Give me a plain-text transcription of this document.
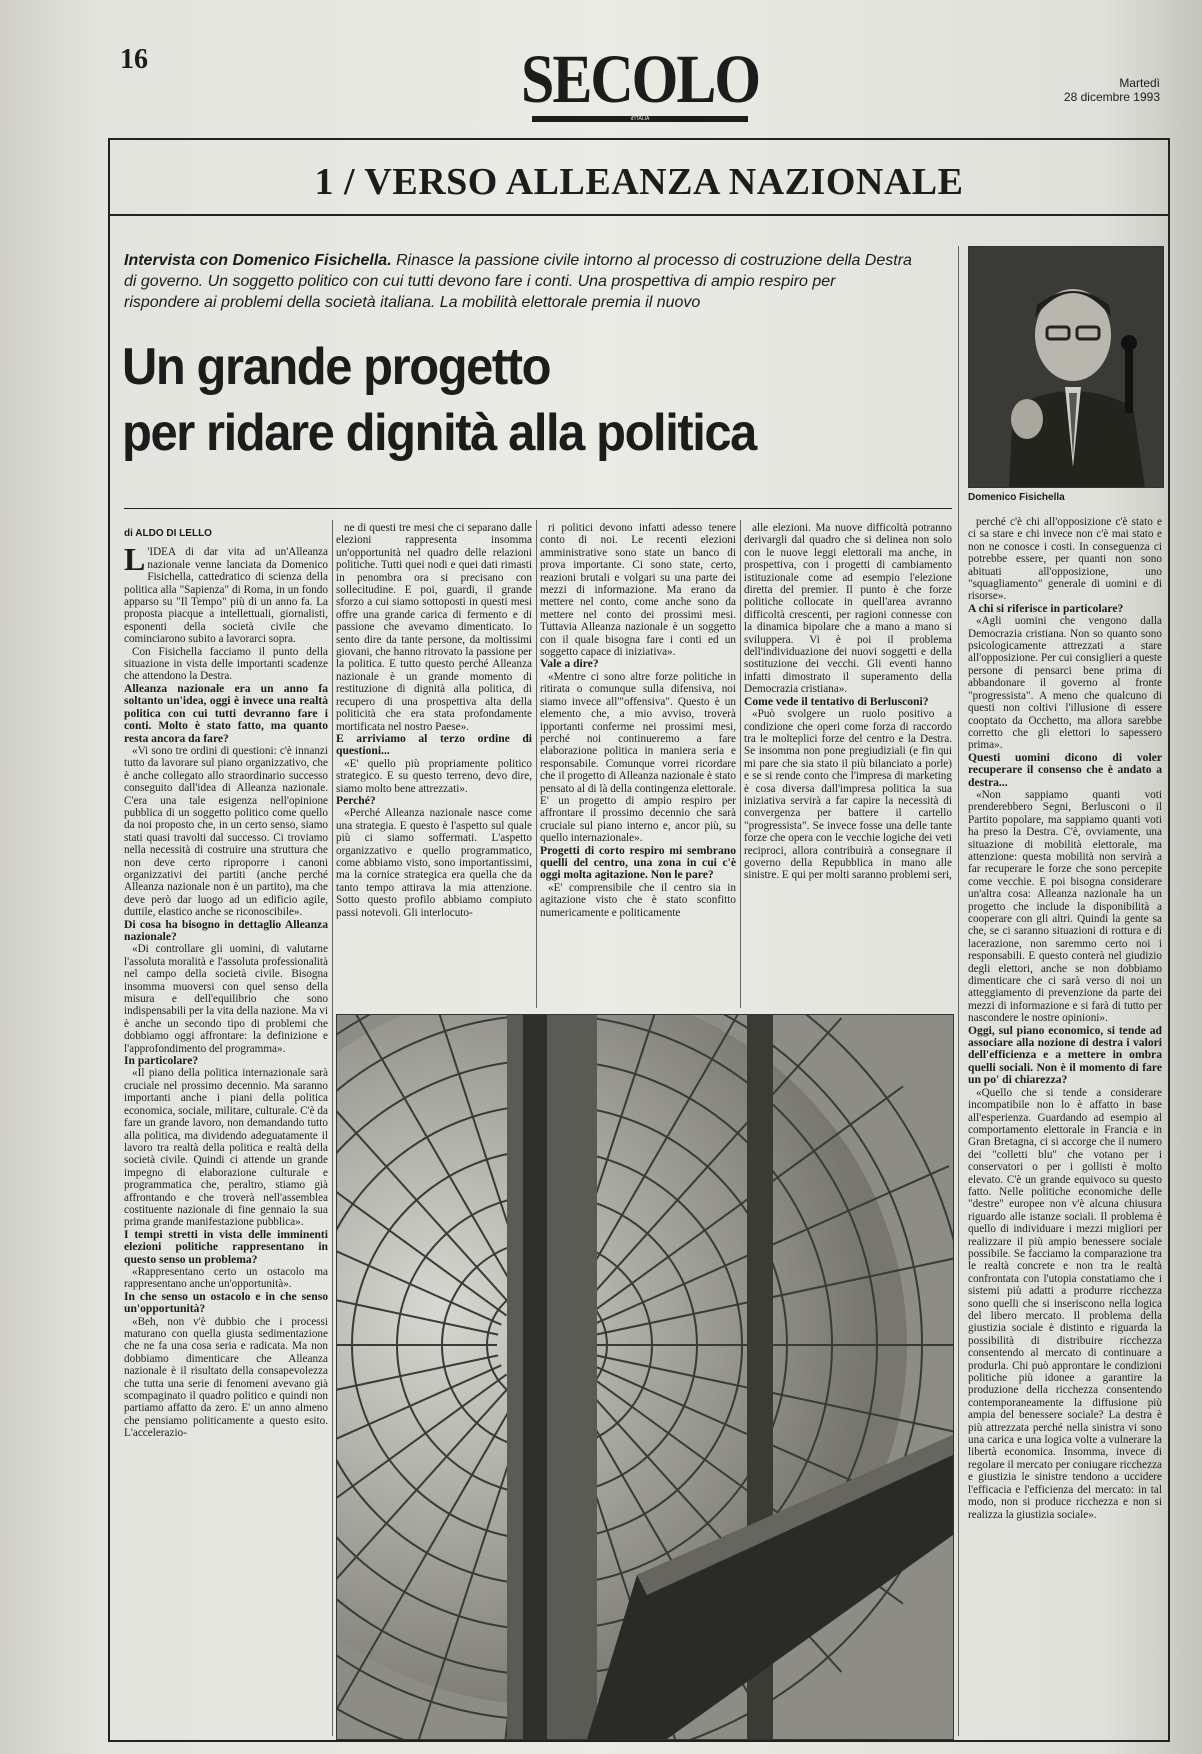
16	SECOLO
d'ITALIA
Martedì
28 dicembre 1993
1 / VERSO ALLEANZA NAZIONALE
Intervista con Domenico Fisichella. Rinasce la passione civile intorno al processo di costruzione della Destra di governo. Un soggetto politico con cui tutti devono fare i conti. Una prospettiva di ampio respiro per rispondere ai problemi della società italiana. La mobilità elettorale premia il nuovo
Un grande progetto
per ridare dignità alla politica
Domenico Fisichella
di ALDO DI LELLO

L 'IDEA di dar vita ad un'Alleanza nazionale venne lanciata da Domenico Fisichella, cattedratico di scienza della politica alla "Sapienza" di Roma, in un fondo apparso su "Il Tempo" più di un anno fa. La proposta piacque a intellettuali, giornalisti, esponenti della società civile che cominciarono subito a lavorarci sopra.

Con Fisichella facciamo il punto della situazione in vista delle importanti scadenze che attendono la Destra.

Alleanza nazionale era un anno fa soltanto un'idea, oggi è invece una realtà politica con cui tutti devranno fare i conti. Molto è stato fatto, ma quanto resta ancora da fare?

«Vi sono tre ordini di questioni: c'è innanzi tutto da lavorare sul piano organizzativo, che è anche collegato allo straordinario successo conseguito dall'idea di Alleanza nazionale. C'era una tale esigenza nell'opinione pubblica di un soggetto politico come quello da noi proposto che, in un certo senso, siamo stati quasi travolti dal successo. Ci troviamo nella necessità di costruire una struttura che non deve certo riproporre i canoni organizzativi dei partiti (anche perché Alleanza nazionale non è un partito), ma che deve però dar luogo ad un edificio agile, duttile, elastico anche se riconoscibile».

Di cosa ha bisogno in dettaglio Alleanza nazionale?

«Di controllare gli uomini, di valutarne l'assoluta moralità e l'assoluta professionalità nel campo della società civile. Bisogna insomma muoversi con quel senso della misura e dell'equilibrio che sono indispensabili per la vita della nazione. Ma vi è anche un secondo tipo di problemi che dobbiamo oggi affrontare: la definizione e l'approfondimento del programma».

In particolare?

«Il piano della politica internazionale sarà cruciale nel prossimo decennio. Ma saranno importanti anche i piani della politica economica, sociale, militare, culturale. C'è da fare un grande lavoro, non demandando tutto alla politica, ma dividendo adeguatamente il lavoro tra realtà della politica e realtà della società civile. Quindi ci attende un grande impegno di elaborazione culturale e programmatica che, peraltro, stiamo già affrontando e che troverà nell'assemblea costituente nazionale di fine gennaio la sua prima grande manifestazione pubblica».

I tempi stretti in vista delle imminenti elezioni politiche rappresentano in questo senso un problema?

«Rappresentano certo un ostacolo ma rappresentano anche un'opportunità».

In che senso un ostacolo e in che senso un'opportunità?

«Beh, non v'è dubbio che i processi maturano con quella giusta sedimentazione che ne fa una cosa seria e radicata. Ma non dobbiamo dimenticare che Alleanza nazionale è il risultato della consapevolezza che tutta una serie di fenomeni avevano già scompaginato il quadro politico e quindi non partiamo affatto da zero. E' un anno almeno che pensiamo politicamente a questo esito. L'accelerazio-

ne di questi tre mesi che ci separano dalle elezioni rappresenta insomma un'opportunità nel quadro delle relazioni politiche. Tutti quei nodi e quei dati rimasti in penombra ora si precisano con sollecitudine. E poi, guardi, il grande sforzo a cui siamo sottoposti in questi mesi offre una grande carica di fermento e di passione che avevamo dimenticato. Io sento dire da tante persone, da moltissimi giovani, che hanno ritrovato la passione per la politica. E tutto questo perché Alleanza nazionale è un grande momento di restituzione di dignità alla politica, di recupero di una prospettiva alta della politicità che era stata profondamente mortificata nel nostro Paese».

E arriviamo al terzo ordine di questioni...

«E' quello più propriamente politico strategico. E su questo terreno, devo dire, siamo molto bene attrezzati».

Perché?

«Perché Alleanza nazionale nasce come una strategia. E questo è l'aspetto sul quale più ci siamo soffermati. L'aspetto organizzativo e quello programmatico, come abbiamo visto, sono importantissimi, ma la cornice strategica era quella che da tanto tempo attirava la mia attenzione. Sotto questo profilo abbiamo compiuto passi notevoli. Gli interlocuto-

ri politici devono infatti adesso tenere conto di noi. Le recenti elezioni amministrative sono state un banco di prova importante. Ci sono state, certo, reazioni brutali e volgari su una parte dei mezzi di informazione. Ma erano da mettere nel conto, come anche sono da mettere nel conto dei prossimi mesi. Tuttavia Alleanza nazionale è un soggetto con il quale bisogna fare i conti ed un soggetto capace di iniziativa».

Vale a dire?

«Mentre ci sono altre forze politiche in ritirata o comunque sulla difensiva, noi siamo invece all'"offensiva". Questo è un elemento che, a mio avviso, troverà ipportanti conferme nei prossimi mesi, perché noi continueremo a fare elaborazione politica in maniera seria e responsabile. Comunque vorrei ricordare che il progetto di Alleanza nazionale è stato pensato al di là della contingenza elettorale. E' un progetto di ampio respiro per affrontare il prossimo decennio che sarà cruciale sul piano interno e, ancor più, su quello internazionale».

Progetti di corto respiro mi sembrano quelli del centro, una zona in cui c'è oggi molta agitazione. Non le pare?

«E' comprensibile che il centro sia in agitazione visto che è stato sconfitto numericamente e politicamente

alle elezioni. Ma nuove difficoltà potranno derivargli dal quadro che si delinea non solo con le nuove leggi elettorali ma anche, in prospettiva, con i progetti di cambiamento istituzionale come ad esempio l'elezione diretta del premier. Il punto è che forze politiche collocate in quell'area avranno difficoltà crescenti, per ragioni connesse con la dinamica bipolare che a mano a mano si sviluppera. Vi è poi il problema dell'individuazione dei nuovi soggetti e della sostituzione dei vecchi. Gli eventi hanno infatti dimostrato il superamento della Democrazia cristiana».

Come vede il tentativo di Berlusconi?

«Può svolgere un ruolo positivo a condizione che operi come forza di raccordo tra le molteplici forze del centro e la Destra. Se insomma non pone pregiudiziali (e fin qui mi pare che sia stato il più bilanciato a porle) e se si rende conto che l'impresa di marketing è cosa diversa dall'impresa politica la sua iniziativa servirà a far capire la necessità di convergenza per battere il cartello "progressista". Se invece fosse una delle tante forze che opera con le vecchie logiche dei veti reciproci, allora contribuirà a consegnare il governo della Repubblica in mano alle sinistre. E qui per molti saranno problemi seri,

perché c'è chi all'opposizione c'è stato e ci sa stare e chi invece non c'è mai stato e non ne conosce i costi. In conseguenza ci potrebbe essere, per quanti non sono abituati all'opposizione, uno "squagliamento" generale di uomini e di risorse».

A chi si riferisce in particolare?

«Agli uomini che vengono dalla Democrazia cristiana. Non so quanto sono psicologicamente attrezzati a stare all'opposizione. Per cui consiglieri a queste persone di pensarci bene prima di abbandonare il governo al fronte "progressista". A meno che qualcuno di questi non coltivi l'illusione di essere cooptato da Occhetto, ma allora sarebbe corretto che gli elettori lo sapessero prima».

Questi uomini dicono di voler recuperare il consenso che è andato a destra...

«Non sappiamo quanti voti prenderebbero Segni, Berlusconi o il Partito popolare, ma sappiamo quanti voti ha preso la Destra. C'è, ovviamente, una situazione di mobilità elettorale, ma attenzione: questa mobilità non servirà a far recuperare le forze che sono percepite come vecchie. E poi bisogna considerare un'altra cosa: Alleanza nazionale ha un progetto che include la disponibilità a cooperare con gli altri. Quindi la gente sa che, se ci saranno situazioni di rottura e di lacerazione, non saremmo certo noi i responsabili. E questo conterà nel giudizio degli elettori, anche se non dobbiamo dimenticare che ci sarà verso di noi un atteggiamento di prevenzione da parte dei mezzi di informazione e si farà di tutto per nascondere le nostre opinioni».

Oggi, sul piano economico, si tende ad associare alla nozione di destra i valori dell'efficienza e a mettere in ombra quelli sociali. Non è il momento di fare un po' di chiarezza?

«Quello che si tende a considerare incompatibile non lo è affatto in base all'esperienza. Guardando ad esempio al comportamento elettorale in Francia e in Gran Bretagna, ci si accorge che il numero dei "colletti blu" che votano per i conservatori o per i gollisti è molto elevato. C'è un grande equivoco su questo fatto. Nelle politiche economiche delle "destre" europee non v'è alcuna chiusura riguardo alle istanze sociali. Il problema è quello di individuare i mezzi migliori per realizzare il più ampio benessere sociale possibile. Se facciamo la comparazione tra le realtà concrete e non tra le realtà confrontata con l'utopia constatiamo che i sistemi più adatti a produrre ricchezza sono quelli che si inseriscono nella logica del libero mercato. Il problema della giustizia sociale è distinto e riguarda la possibilità di distribuire ricchezza consentendo al mercato di continuare a produrla. Chi può approntare le condizioni politiche più idonee a garantire la produzione della ricchezza consentendo contemporaneamente la diffusione più ampia del benessere sociale? La destra è più attrezzata perché nella sinistra vi sono una carica e una logica volte a vulnerare la libertà economica. Insomma, invece di regolare il mercato per coniugare ricchezza e giustizia le sinistre tendono a uccidere l'efficacia e l'efficienza del mercato: in tal modo, non si produce ricchezza e non si realizza la giustizia sociale».
